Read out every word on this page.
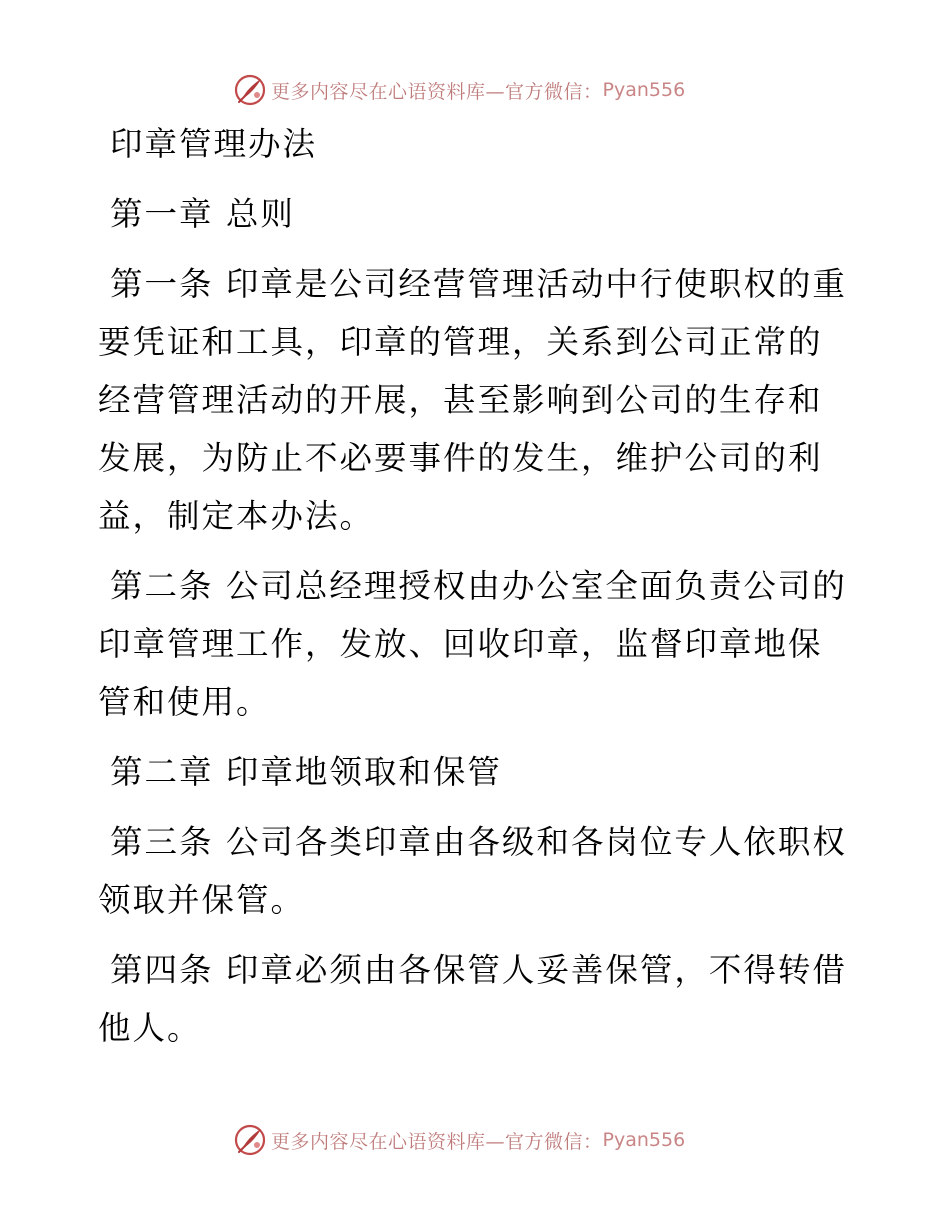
更多内容尽在心语资料库—官方微信： Pyan556

印章管理办法

第一章 总则

第一条 印章是公司经营管理活动中行使职权的重要凭证和工具，印章的管理，关系到公司正常的经营管理活动的开展，甚至影响到公司的生存和发展，为防止不必要事件的发生，维护公司的利益，制定本办法。

第二条 公司总经理授权由办公室全面负责公司的印章管理工作，发放、回收印章，监督印章地保管和使用。

第二章 印章地领取和保管

第三条 公司各类印章由各级和各岗位专人依职权领取并保管。

第四条 印章必须由各保管人妥善保管，不得转借他人。

更多内容尽在心语资料库—官方微信： Pyan556
